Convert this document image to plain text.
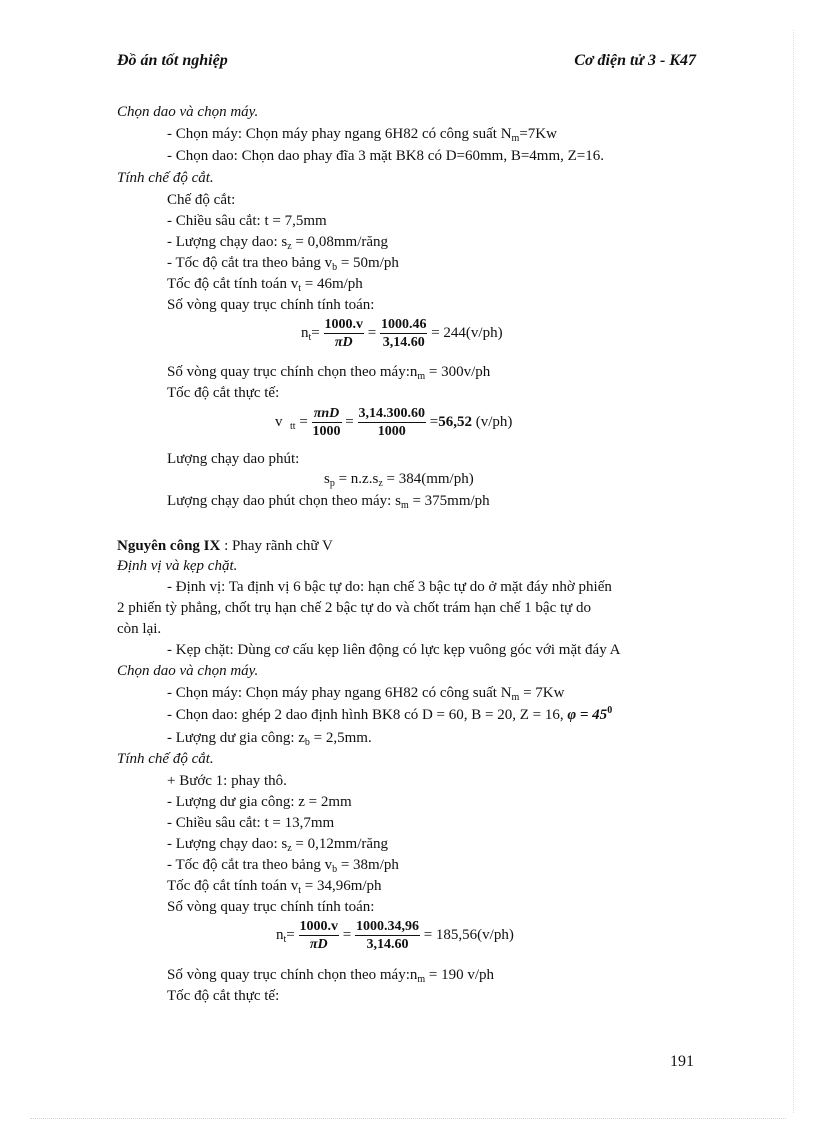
Đồ án tốt nghiệp	Cơ điện tử 3 - K47
Chọn dao và chọn máy.
- Chọn máy: Chọn máy phay ngang 6H82 có công suất $N_m=7Kw$
- Chọn dao: Chọn dao phay đĩa 3 mặt BK8 có D=60mm, B=4mm, Z=16.
Tính chế độ cắt.
Chế độ cắt:
- Chiều sâu cắt: t = 7,5mm
- Lượng chạy dao: $s_z$ = 0,08mm/răng
- Tốc độ cắt tra theo bảng $v_b = 50m/ph$
Tốc độ cắt tính toán $v_t = 46m/ph$
Số vòng quay trục chính tính toán:
$n_t= \frac{1000.v}{\pi D} = \frac{1000.46}{3,14.60} = 244(v/ph)$
Số vòng quay trục chính chọn theo $máy:n_m = 300v/ph$
Tốc độ cắt thực tế:
v $_{tt} = \frac{\text{πnD}}{1000} = \frac{3,14.300.60}{1000} =56,52$ (v/ph)
Lượng chạy dao phút:
$s_p = n.z.s_z = 384(mm/ph)$
Lượng chạy dao phút chọn theo máy: $s_m = 375mm/ph$
Nguyên công IX : Phay rãnh chữ V
Định vị và kẹp chặt.
- Định vị: Ta định vị 6 bậc tự do: hạn chế 3 bậc tự do ở mặt đáy nhờ phiến
2 phiến tỳ phẳng, chốt trụ hạn chế 2 bậc tự do và chốt trám hạn chế 1 bậc tự do
còn lại.
- Kẹp chặt: Dùng cơ cấu kẹp liên động có lực kẹp vuông góc với mặt đáy A
Chọn dao và chọn máy.
- Chọn máy: Chọn máy phay ngang 6H82 có công suất $N_m = 7Kw$
- Chọn dao: ghép 2 dao định hình BK8 có D = 60, B = 20, Z = 16, $\varphi = 45^0$
- Lượng dư gia công: $z_b = 2,5mm$.
Tính chế độ cắt.
+ Bước 1: phay thô.
- Lượng dư gia công: z = 2mm
- Chiều sâu cắt: t = 13,7mm
- Lượng chạy dao: $s_z$ = 0,12mm/răng
- Tốc độ cắt tra theo bảng $v_b = 38m/ph$
Tốc độ cắt tính toán $v_t = 34,96m/ph$
Số vòng quay trục chính tính toán:
$n_t= \frac{1000.v}{\pi D} = \frac{1000.34,96}{3,14.60} = 185,56(v/ph)$
Số vòng quay trục chính chọn theo $máy:n_m = 190$ v/ph
Tốc độ cắt thực tế:
191
